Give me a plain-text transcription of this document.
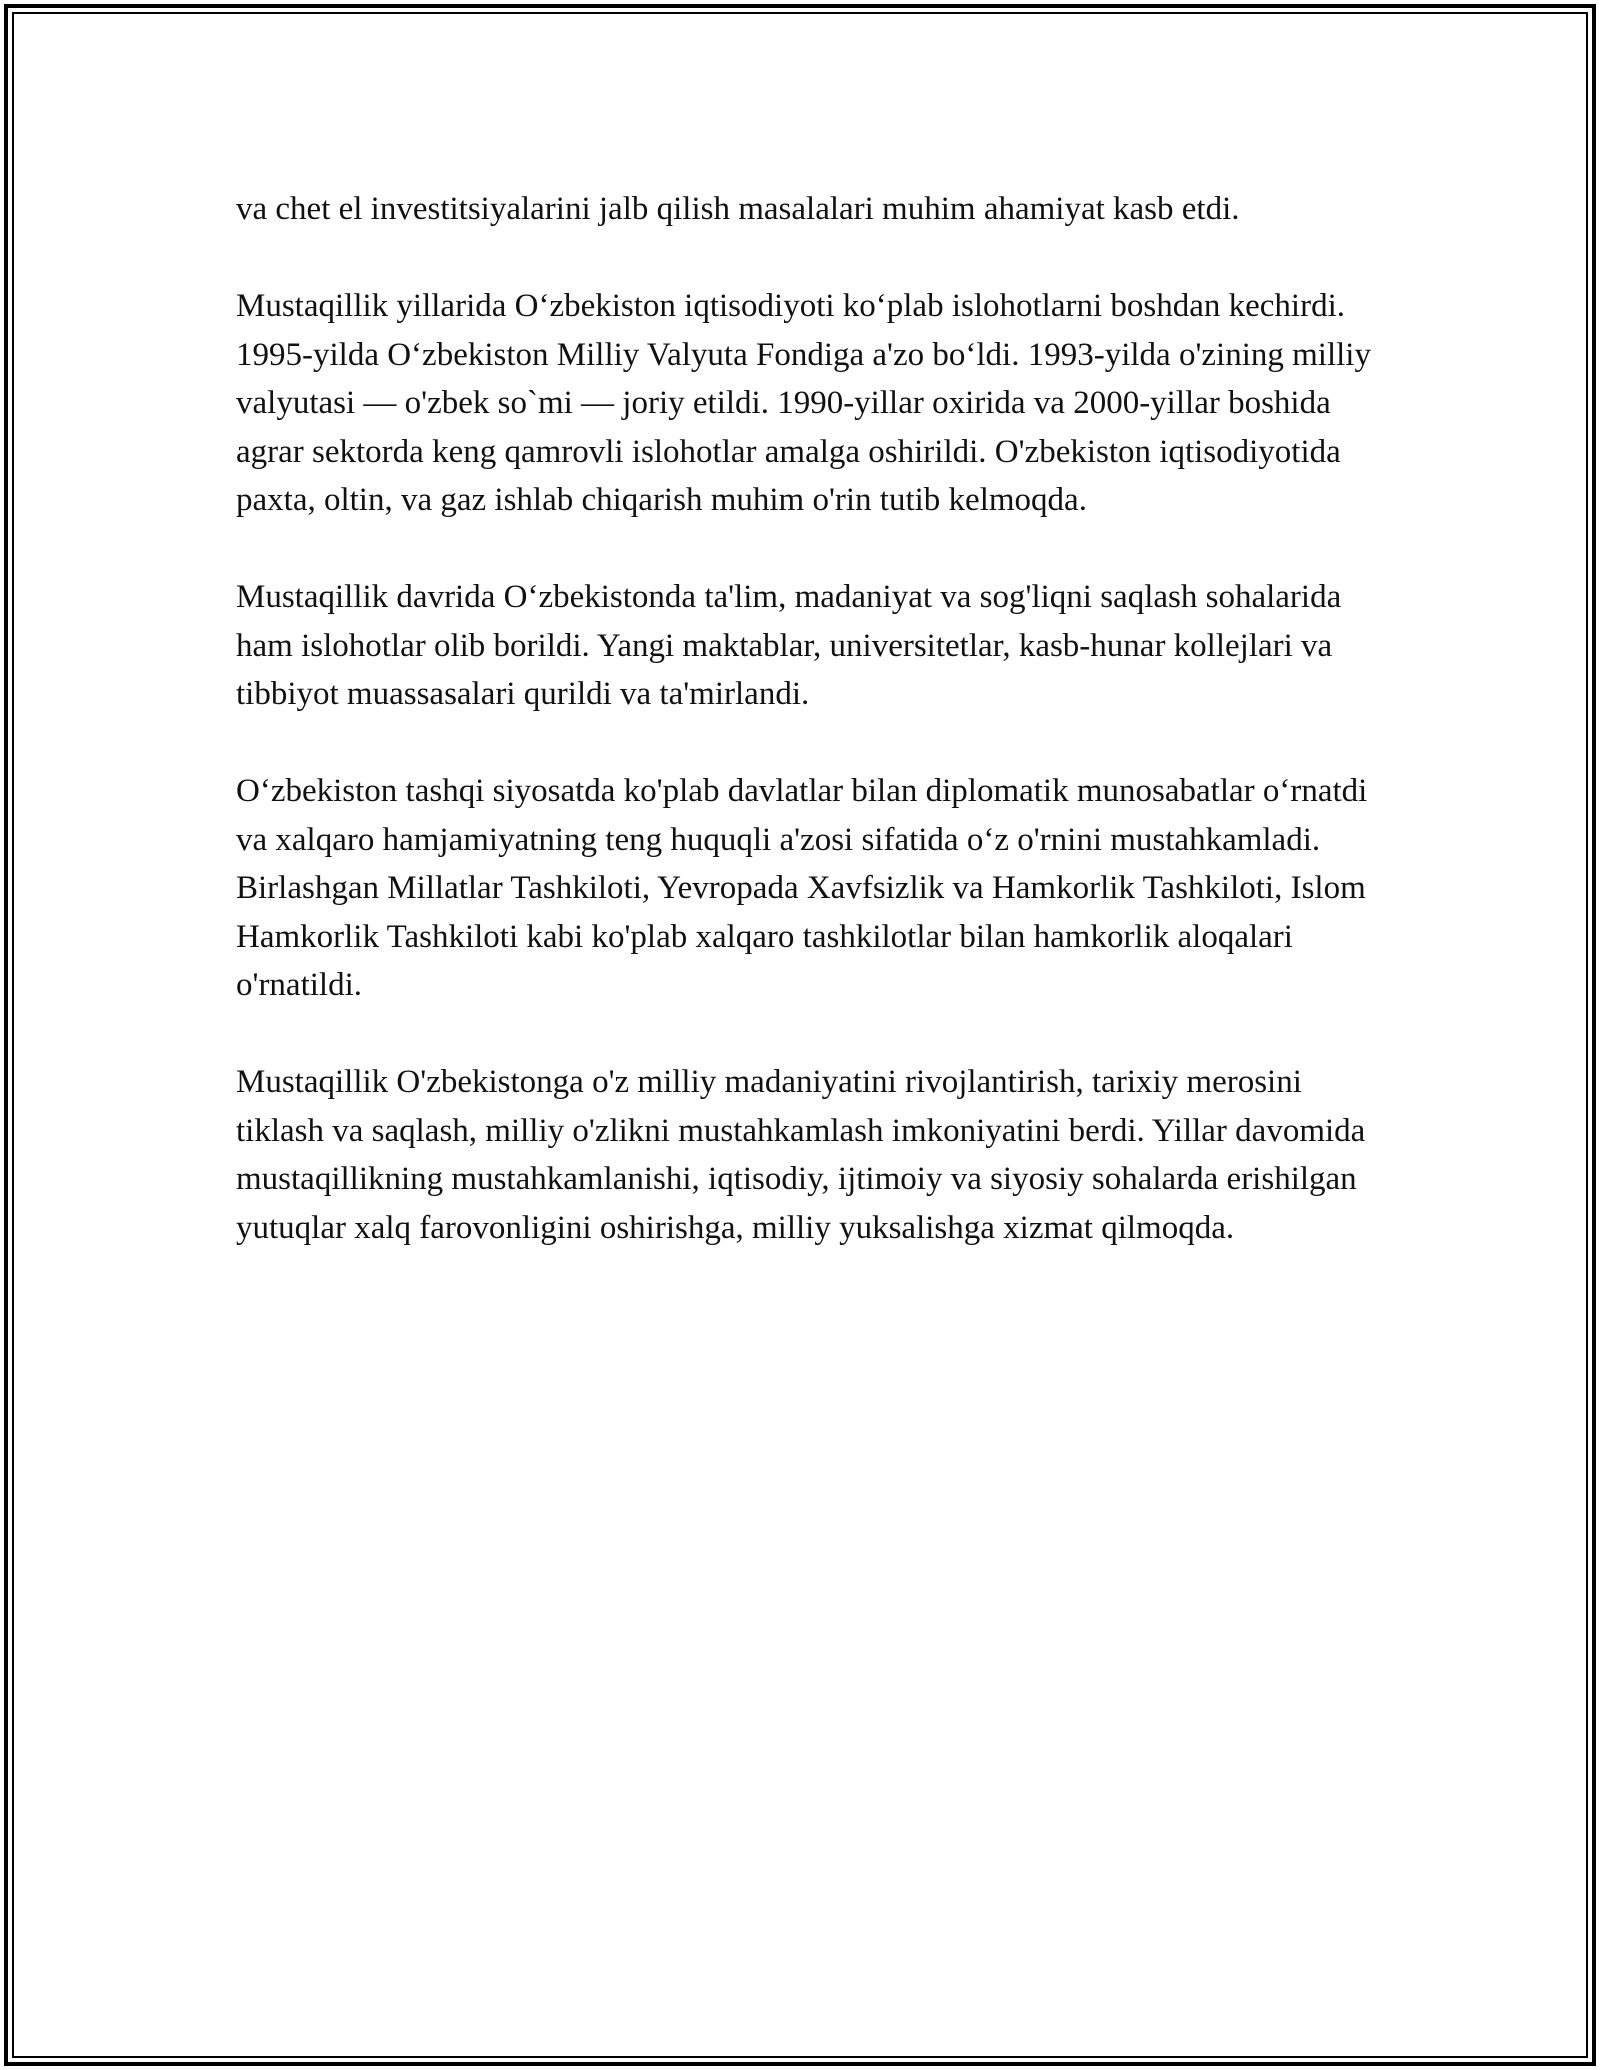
va chet el investitsiyalarini jalb qilish masalalari muhim ahamiyat kasb etdi.

Mustaqillik yillarida O‘zbekiston iqtisodiyoti ko‘plab islohotlarni boshdan kechirdi. 1995-yilda O‘zbekiston Milliy Valyuta Fondiga a'zo bo‘ldi. 1993-yilda o'zining milliy valyutasi — o'zbek so`mi — joriy etildi. 1990-yillar oxirida va 2000-yillar boshida agrar sektorda keng qamrovli islohotlar amalga oshirildi. O'zbekiston iqtisodiyotida paxta, oltin, va gaz ishlab chiqarish muhim o'rin tutib kelmoqda.

Mustaqillik davrida O‘zbekistonda ta'lim, madaniyat va sog'liqni saqlash sohalarida ham islohotlar olib borildi. Yangi maktablar, universitetlar, kasb-hunar kollejlari va tibbiyot muassasalari qurildi va ta'mirlandi.

O‘zbekiston tashqi siyosatda ko'plab davlatlar bilan diplomatik munosabatlar o‘rnatdi va xalqaro hamjamiyatning teng huquqli a'zosi sifatida o‘z o'rnini mustahkamladi. Birlashgan Millatlar Tashkiloti, Yevropada Xavfsizlik va Hamkorlik Tashkiloti, Islom Hamkorlik Tashkiloti kabi ko'plab xalqaro tashkilotlar bilan hamkorlik aloqalari o'rnatildi.

Mustaqillik O'zbekistonga o'z milliy madaniyatini rivojlantirish, tarixiy merosini tiklash va saqlash, milliy o'zlikni mustahkamlash imkoniyatini berdi. Yillar davomida mustaqillikning mustahkamlanishi, iqtisodiy, ijtimoiy va siyosiy sohalarda erishilgan yutuqlar xalq farovonligini oshirishga, milliy yuksalishga xizmat qilmoqda.
